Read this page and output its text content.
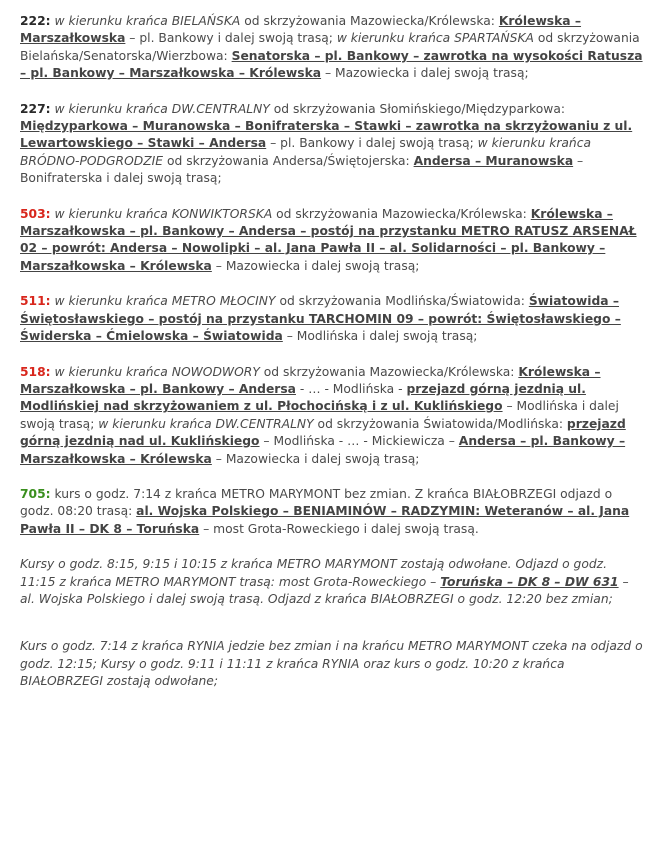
222: w kierunku krańca BIELAŃSKA od skrzyżowania Mazowiecka/Królewska: Królewska – Marszałkowska – pl. Bankowy i dalej swoją trasą; w kierunku krańca SPARTAŃSKA od skrzyżowania Bielańska/Senatorska/Wierzbowa: Senatorska – pl. Bankowy – zawrotka na wysokości Ratusza – pl. Bankowy – Marszałkowska – Królewska – Mazowiecka i dalej swoją trasą;

227: w kierunku krańca DW.CENTRALNY od skrzyżowania Słomińskiego/Międzyparkowa: Międzyparkowa – Muranowska – Bonifraterska – Stawki – zawrotka na skrzyżowaniu z ul. Lewartowskiego – Stawki – Andersa – pl. Bankowy i dalej swoją trasą; w kierunku krańca BRÓDNO-PODGRODZIE od skrzyżowania Andersa/Świętojerska: Andersa – Muranowska – Bonifraterska i dalej swoją trasą;

503: w kierunku krańca KONWIKTORSKA od skrzyżowania Mazowiecka/Królewska: Królewska – Marszałkowska – pl. Bankowy – Andersa – postój na przystanku METRO RATUSZ ARSENAŁ 02 – powrót: Andersa – Nowolipki – al. Jana Pawła II – al. Solidarności – pl. Bankowy – Marszałkowska – Królewska – Mazowiecka i dalej swoją trasą;

511: w kierunku krańca METRO MŁOCINY od skrzyżowania Modlińska/Światowida: Światowida – Świętosławskiego – postój na przystanku TARCHOMIN 09 – powrót: Świętosławskiego – Świderska – Ćmielowska – Światowida – Modlińska i dalej swoją trasą;

518: w kierunku krańca NOWODWORY od skrzyżowania Mazowiecka/Królewska: Królewska – Marszałkowska – pl. Bankowy – Andersa - … - Modlińska - przejazd górną jezdnią ul. Modlińskiej nad skrzyżowaniem z ul. Płochocińską i z ul. Kuklińskiego – Modlińska i dalej swoją trasą; w kierunku krańca DW.CENTRALNY od skrzyżowania Światowida/Modlińska: przejazd górną jezdnią nad ul. Kuklińskiego – Modlińska - … - Mickiewicza – Andersa – pl. Bankowy – Marszałkowska – Królewska – Mazowiecka i dalej swoją trasą;

705: kurs o godz. 7:14 z krańca METRO MARYMONT bez zmian. Z krańca BIAŁOBRZEGI odjazd o godz. 08:20 trasą: al. Wojska Polskiego – BENIAMINÓW – RADZYMIN: Weteranów – al. Jana Pawła II – DK 8 – Toruńska – most Grota-Roweckiego i dalej swoją trasą.

Kursy o godz. 8:15, 9:15 i 10:15 z krańca METRO MARYMONT zostają odwołane. Odjazd o godz. 11:15 z krańca METRO MARYMONT trasą: most Grota-Roweckiego – Toruńska – DK 8 – DW 631 – al. Wojska Polskiego i dalej swoją trasą. Odjazd z krańca BIAŁOBRZEGI o godz. 12:20 bez zmian;

Kurs o godz. 7:14 z krańca RYNIA jedzie bez zmian i na krańcu METRO MARYMONT czeka na odjazd o godz. 12:15; Kursy o godz. 9:11 i 11:11 z krańca RYNIA oraz kurs o godz. 10:20 z krańca BIAŁOBRZEGI zostają odwołane;
